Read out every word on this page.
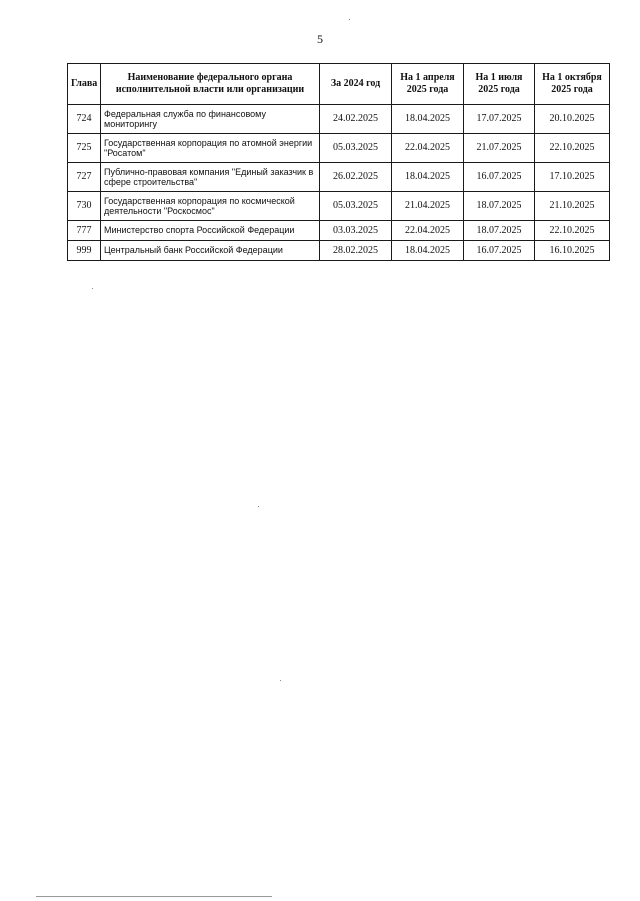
5
Глава	Наименование федерального органа исполнительной власти или организации	За 2024 год	На 1 апреля 2025 года	На 1 июля 2025 года	На 1 октября 2025 года
724	Федеральная служба по финансовому мониторингу	24.02.2025	18.04.2025	17.07.2025	20.10.2025
725	Государственная корпорация по атомной энергии "Росатом"	05.03.2025	22.04.2025	21.07.2025	22.10.2025
727	Публично-правовая компания "Единый заказчик в сфере строительства"	26.02.2025	18.04.2025	16.07.2025	17.10.2025
730	Государственная корпорация по космической деятельности "Роскосмос"	05.03.2025	21.04.2025	18.07.2025	21.10.2025
777	Министерство спорта Российской Федерации	03.03.2025	22.04.2025	18.07.2025	22.10.2025
999	Центральный банк Российской Федерации	28.02.2025	18.04.2025	16.07.2025	16.10.2025
